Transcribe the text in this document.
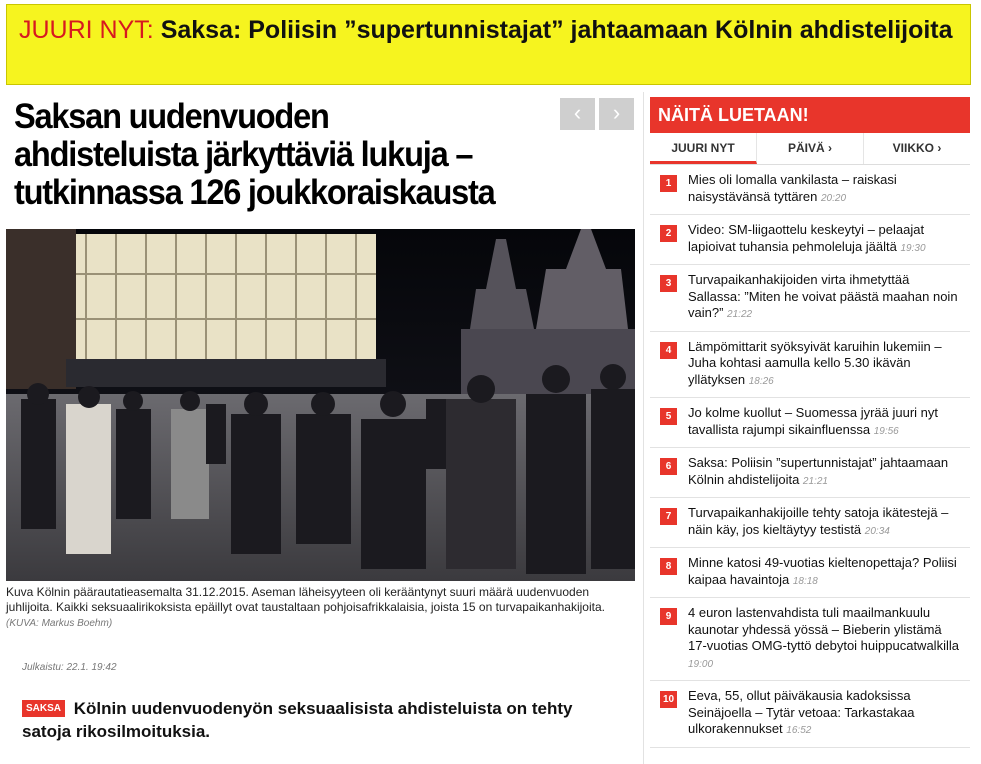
JUURI NYT: Saksa: Poliisin ”supertunnistajat” jahtaamaan Kölnin ahdistelijoita
Saksan uudenvuoden ahdisteluista järkyttäviä lukuja – tutkinnassa 126 joukkoraiskausta
‹	›

Kuva Kölnin päärautatieasemalta 31.12.2015. Aseman läheisyyteen oli kerääntynyt suuri määrä uudenvuoden juhlijoita. Kaikki seksuaalirikoksista epäillyt ovat taustaltaan pohjoisafrikkalaisia, joista 15 on turvapaikanhakijoita. (KUVA: Markus Boehm)

Julkaistu: 22.1. 19:42

SAKSA Kölnin uudenvuodenyön seksuaalisista ahdisteluista on tehty satoja rikosilmoituksia.

NÄITÄ LUETAAN!
JUURI NYT	PÄIVÄ ›	VIIKKO ›
1	Mies oli lomalla vankilasta – raiskasi naisystävänsä tyttären 20:20
2	Video: SM-liigaottelu keskeytyi – pelaajat lapioivat tuhansia pehmoleluja jäältä 19:30
3	Turvapaikanhakijoiden virta ihmetyttää Sallassa: ”Miten he voivat päästä maahan noin vain?” 21:22
4	Lämpömittarit syöksyivät karuihin lukemiin – Juha kohtasi aamulla kello 5.30 ikävän yllätyksen 18:26
5	Jo kolme kuollut – Suomessa jyrää juuri nyt tavallista rajumpi sikainfluenssa 19:56
6	Saksa: Poliisin ”supertunnistajat” jahtaamaan Kölnin ahdistelijoita 21:21
7	Turvapaikanhakijoille tehty satoja ikätestejä – näin käy, jos kieltäytyy testistä 20:34
8	Minne katosi 49-vuotias kieltenopettaja? Poliisi kaipaa havaintoja 18:18
9	4 euron lastenvahdista tuli maailmankuulu kaunotar yhdessä yössä – Bieberin ylistämä 17-vuotias OMG-tyttö debytoi huippucatwalkilla 19:00
10 Eeva, 55, ollut päiväkausia kadoksissa Seinäjoella – Tytär vetoaa: Tarkastakaa ulkorakennukset 16:52
